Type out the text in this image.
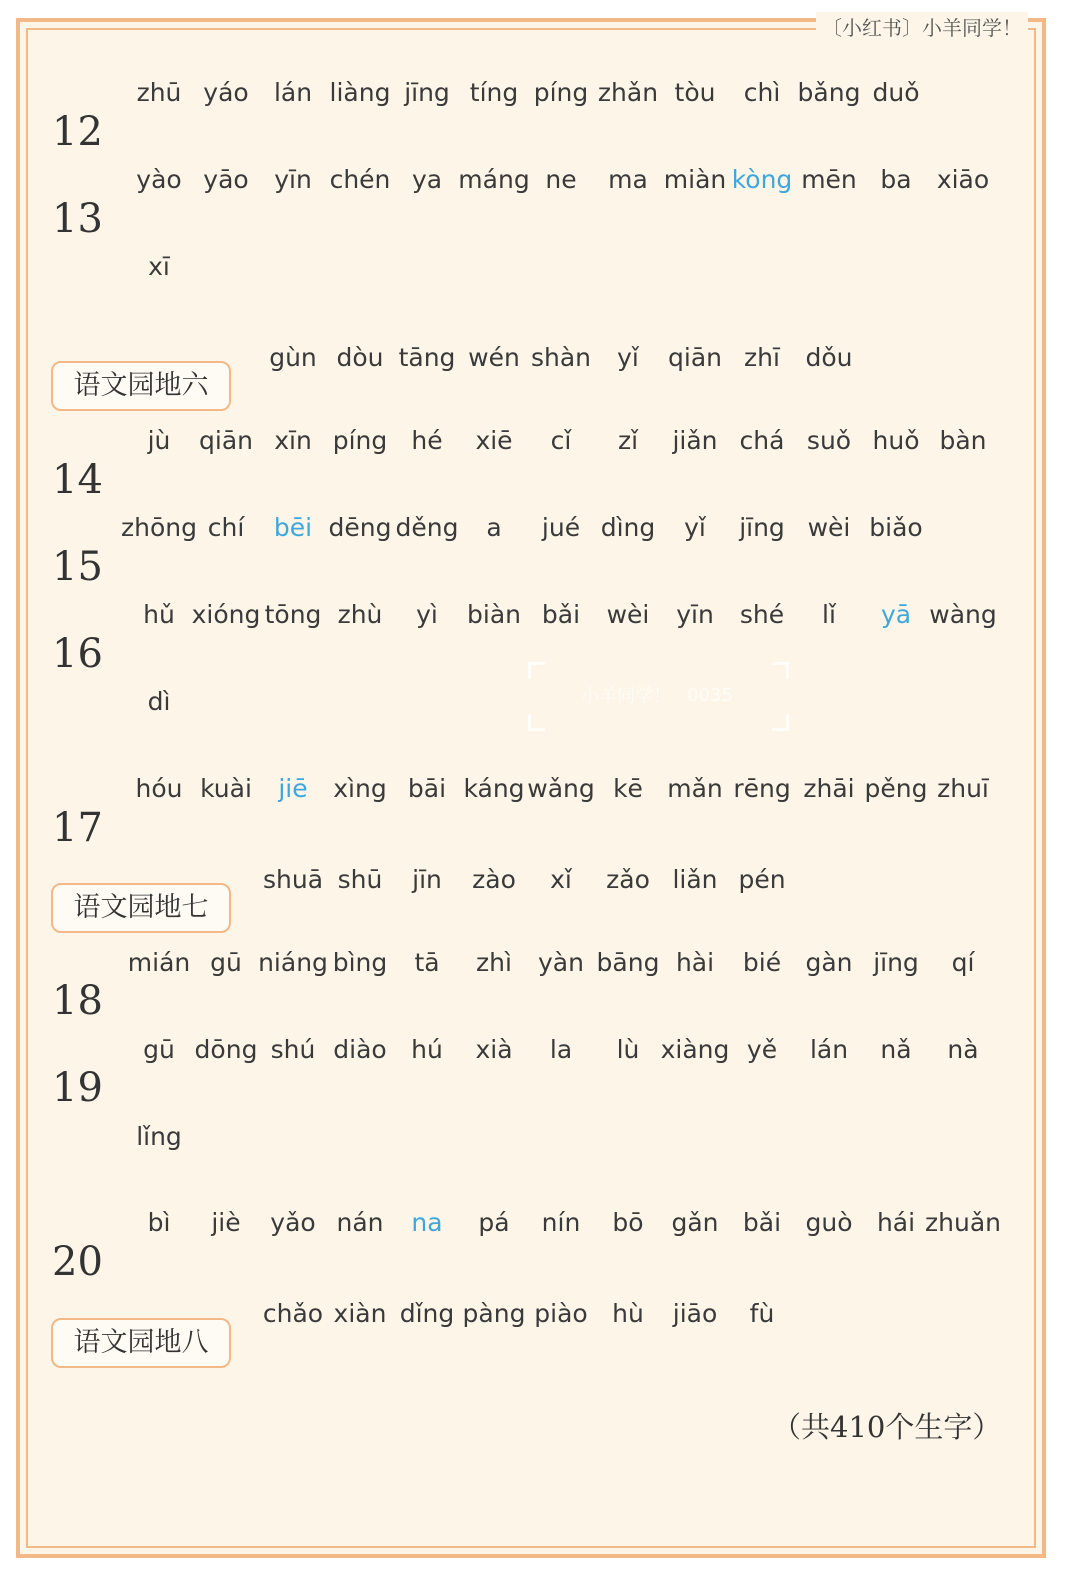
〔小红书〕小羊同学！
12
13
14
15
16
17
18
19
20
语文园地六
语文园地七
语文园地八
zhū yáo lán liàng jīng tíng píng zhǎn tòu chì bǎng duǒ
yào yāo yīn chén ya máng ne ma miàn kòng mēn ba xiāo
xī
gùn dòu tāng wén shàn yǐ qiān zhī dǒu
jù qiān xīn píng hé xiē cǐ zǐ jiǎn chá suǒ huǒ bàn
zhōng chí bēi dēng děng a jué dìng yǐ jīng wèi biǎo
hǔ xióng tōng zhù yì biàn bǎi wèi yīn shé lǐ yā wàng
dì
hóu kuài jiē xìng bāi káng wǎng kē mǎn rēng zhāi pěng zhuī
shuā shū jīn zào xǐ zǎo liǎn pén
mián gū niáng bìng tā zhì yàn bāng hài bié gàn jīng qí
gū dōng shú diào hú xià la lù xiàng yě lán nǎ nà
lǐng
bì jiè yǎo nán na pá nín bō gǎn bǎi guò hái zhuǎn
chǎo xiàn dǐng pàng piào hù jiāo fù
小羊同学！ 0035
（共410个生字）
